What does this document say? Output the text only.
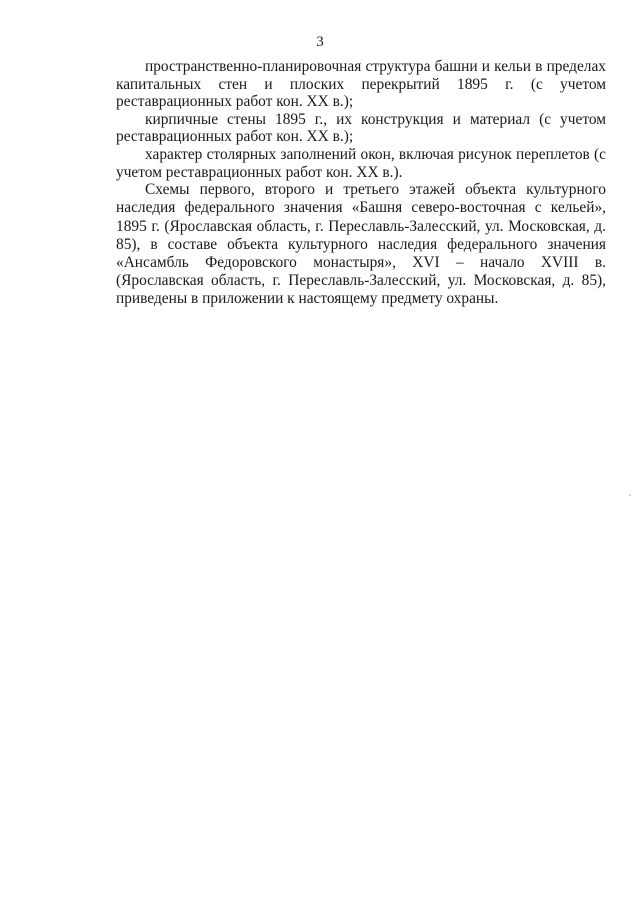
3

пространственно-планировочная структура башни и кельи в пределах капитальных стен и плоских перекрытий 1895 г. (с учетом реставрационных работ кон. XX в.);

кирпичные стены 1895 г., их конструкция и материал (с учетом реставрационных работ кон. XX в.);

характер столярных заполнений окон, включая рисунок переплетов (с учетом реставрационных работ кон. XX в.).

Схемы первого, второго и третьего этажей объекта культурного наследия федерального значения «Башня северо-восточная с кельей», 1895 г. (Ярославская область, г. Переславль-Залесский, ул. Московская, д. 85), в составе объекта культурного наследия федерального значения «Ансамбль Федоровского монастыря», XVI – начало XVIII в. (Ярославская область, г. Переславль-Залесский, ул. Московская, д. 85), приведены в приложении к настоящему предмету охраны.
